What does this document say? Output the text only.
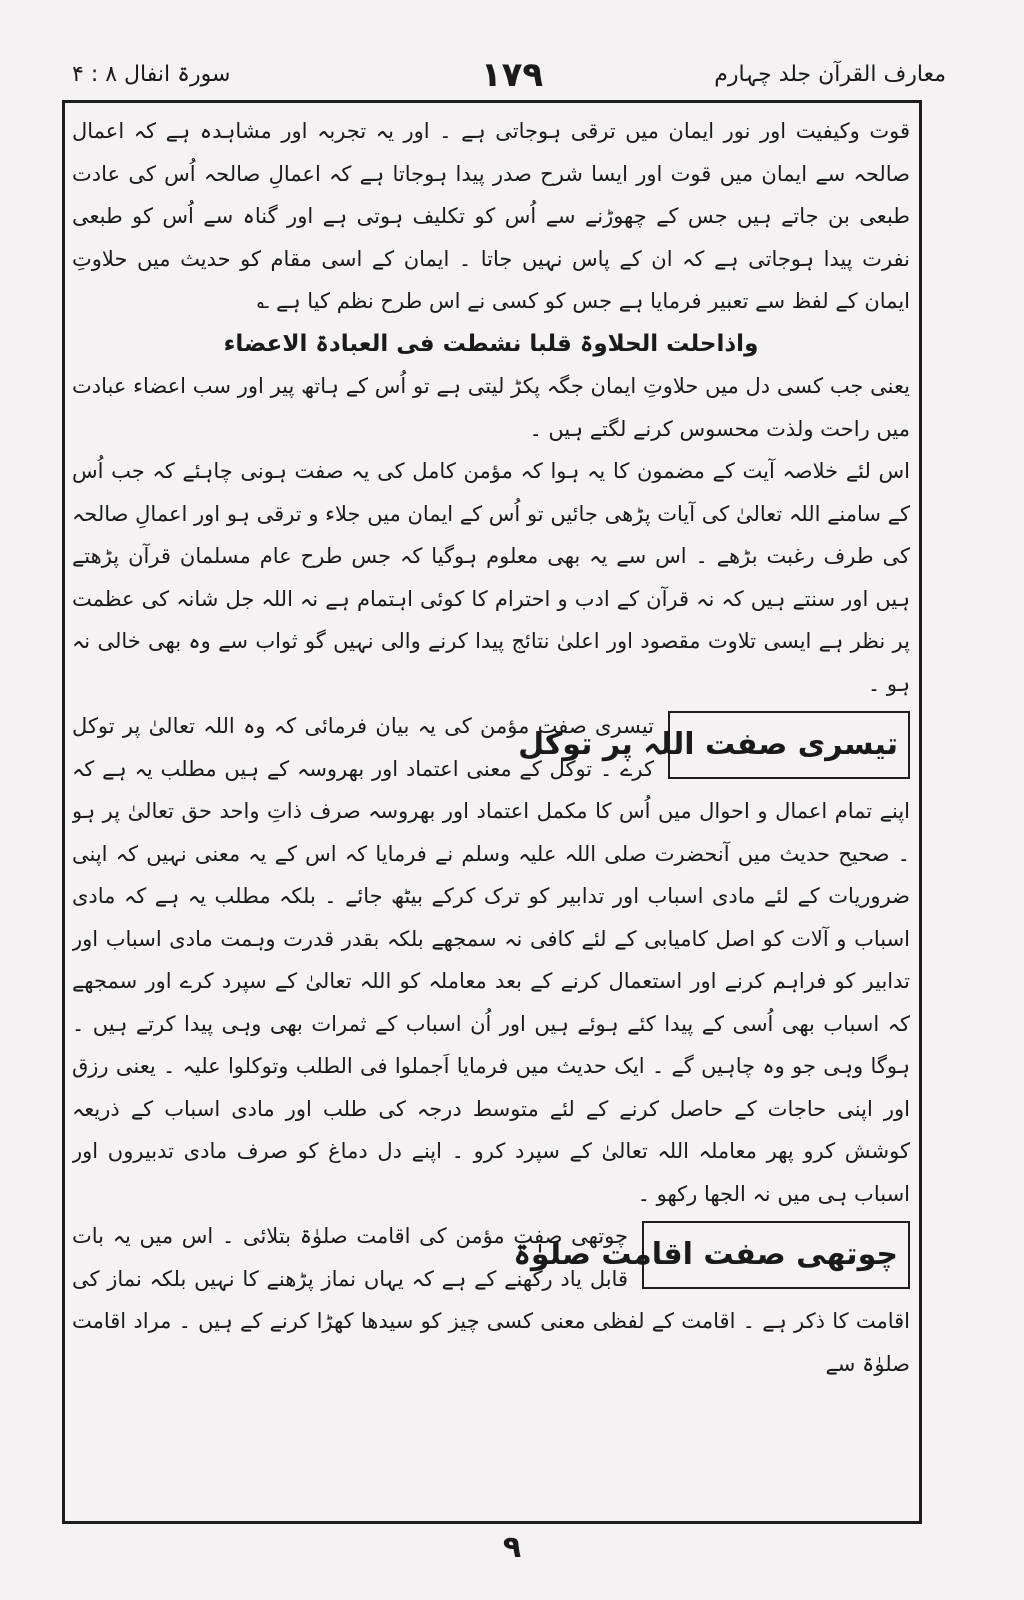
سورۃ انفال ۸ : ۴	١٧٩	معارف القرآن جلد چہارم

قوت وکیفیت اور نور ایمان میں ترقی ہوجاتی ہے ۔ اور یہ تجربہ اور مشاہدہ ہے کہ اعمال صالحہ سے ایمان میں قوت اور ایسا شرح صدر پیدا ہوجاتا ہے کہ اعمالِ صالحہ اُس کی عادت طبعی بن جاتے ہیں جس کے چھوڑنے سے اُس کو تکلیف ہوتی ہے اور گناہ سے اُس کو طبعی نفرت پیدا ہوجاتی ہے کہ ان کے پاس نہیں جاتا ۔ ایمان کے اسی مقام کو حدیث میں حلاوتِ ایمان کے لفظ سے تعبیر فرمایا ہے جس کو کسی نے اس طرح نظم کیا ہے ؎

واذاحلت الحلاوۃ قلبا نشطت فی العبادۃ الاعضاء

یعنی جب کسی دل میں حلاوتِ ایمان جگہ پکڑ لیتی ہے تو اُس کے ہاتھ پیر اور سب اعضاء عبادت میں راحت ولذت محسوس کرنے لگتے ہیں ۔

اس لئے خلاصہ آیت کے مضمون کا یہ ہوا کہ مؤمن کامل کی یہ صفت ہونی چاہئے کہ جب اُس کے سامنے اللہ تعالیٰ کی آیات پڑھی جائیں تو اُس کے ایمان میں جلاء و ترقی ہو اور اعمالِ صالحہ کی طرف رغبت بڑھے ۔ اس سے یہ بھی معلوم ہوگیا کہ جس طرح عام مسلمان قرآن پڑھتے ہیں اور سنتے ہیں کہ نہ قرآن کے ادب و احترام کا کوئی اہتمام ہے نہ اللہ جل شانہ کی عظمت پر نظر ہے ایسی تلاوت مقصود اور اعلیٰ نتائج پیدا کرنے والی نہیں گو ثواب سے وہ بھی خالی نہ ہو ۔

تیسری صفت اللہ پر توکل

تیسری صفت مؤمن کی یہ بیان فرمائی کہ وہ اللہ تعالیٰ پر توکل کرے ۔ توکل کے معنی اعتماد اور بھروسہ کے ہیں مطلب یہ ہے کہ اپنے تمام اعمال و احوال میں اُس کا مکمل اعتماد اور بھروسہ صرف ذاتِ واحد حق تعالیٰ پر ہو ۔ صحیح حدیث میں آنحضرت صلی اللہ علیہ وسلم نے فرمایا کہ اس کے یہ معنی نہیں کہ اپنی ضروریات کے لئے مادی اسباب اور تدابیر کو ترک کرکے بیٹھ جائے ۔ بلکہ مطلب یہ ہے کہ مادی اسباب و آلات کو اصل کامیابی کے لئے کافی نہ سمجھے بلکہ بقدر قدرت وہمت مادی اسباب اور تدابیر کو فراہم کرنے اور استعمال کرنے کے بعد معاملہ کو اللہ تعالیٰ کے سپرد کرے اور سمجھے کہ اسباب بھی اُسی کے پیدا کئے ہوئے ہیں اور اُن اسباب کے ثمرات بھی وہی پیدا کرتے ہیں ۔ ہوگا وہی جو وہ چاہیں گے ۔ ایک حدیث میں فرمایا اَجملوا فی الطلب وتوکلوا علیہ ۔ یعنی رزق اور اپنی حاجات کے حاصل کرنے کے لئے متوسط درجہ کی طلب اور مادی اسباب کے ذریعہ کوشش کرو پھر معاملہ اللہ تعالیٰ کے سپرد کرو ۔ اپنے دل دماغ کو صرف مادی تدبیروں اور اسباب ہی میں نہ الجھا رکھو ۔

چوتھی صفت اقامت صلوٰۃ

چوتھی صفت مؤمن کی اقامت صلوٰۃ بتلائی ۔ اس میں یہ بات قابل یاد رکھنے کے ہے کہ یہاں نماز پڑھنے کا نہیں بلکہ نماز کی اقامت کا ذکر ہے ۔ اقامت کے لفظی معنی کسی چیز کو سیدھا کھڑا کرنے کے ہیں ۔ مراد اقامت صلوٰۃ سے

٩
